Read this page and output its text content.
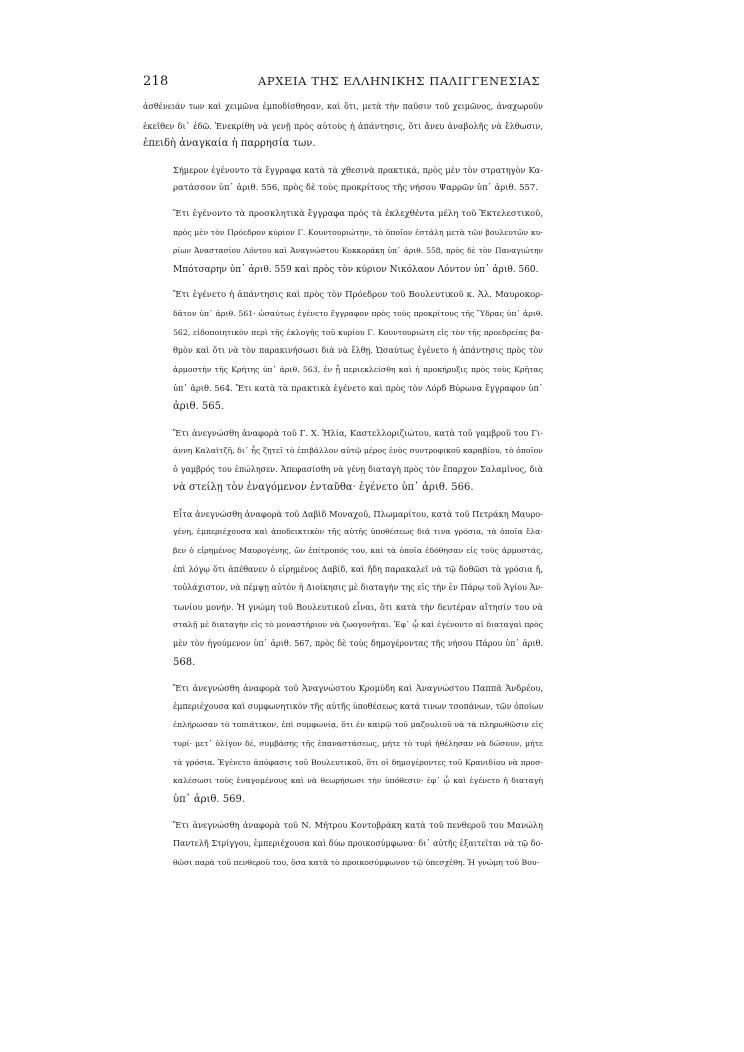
218	ΑΡΧΕΙΑ ΤΗΣ ΕΛΛΗΝΙΚΗΣ ΠΑΛΙΓΓΕΝΕΣΙΑΣ

ἀσθένειάν των καὶ χειμῶνα ἐμποδίσθησαν, καὶ ὅτι, μετὰ τὴν παῦσιν τοῦ χειμῶνος, ἀναχωροῦν
ἐκεῖθεν δι᾽ ἐδῶ. Ἐνεκρίθη νὰ γενῇ πρὸς αὐτοὺς ἡ ἀπάντησις, ὅτι ἄνευ ἀναβολῆς νὰ ἔλθωσιν,
ἐπειδὴ ἀναγκαία ἡ παρρησία των.

Σήμερον ἐγένοντο τὰ ἔγγραφα κατὰ τὰ χθεσινὰ πρακτικά, πρὸς μὲν τὸν στρατηγὸν Κα-
ρατάσσον ὑπ᾽ ἀριθ. 556, πρὸς δὲ τοὺς προκρίτους τῆς νήσου Ψαρρῶν ὑπ᾽ ἀριθ. 557.

Ἔτι ἐγένοντο τὰ προσκλητικὰ ἔγγραφα πρὸς τὰ ἐκλεχθέντα μέλη τοῦ Ἐκτελεστικοῦ,
πρὸς μὲν τὸν Πρόεδρον κύριον Γ. Κουντουριώτην, τὸ ὁποῖον ἐστάλη μετὰ τῶν βουλευτῶν κυ-
ρίων Ἀναστασίου Λόντου καὶ Ἀναγνώστου Κοκκοράκη ὑπ᾽ ἀριθ. 558, πρὸς δὲ τὸν Παναγιώτην
Μπότσαρην ὑπ᾽ ἀριθ. 559 καὶ πρὸς τὸν κύριον Νικόλαον Λόντον ὑπ᾽ ἀριθ. 560.

Ἔτι ἐγένετο ἡ ἀπάντησις καὶ πρὸς τὸν Πρόεδρον τοῦ Βουλευτικοῦ κ. Ἀλ. Μαυροκορ-
δᾶτον ὑπ᾽ ἀριθ. 561· ὡσαύτως ἐγένετο ἔγγραφον πρὸς τοὺς προκρίτους τῆς Ὕδρας ὑπ᾽ ἀριθ.
562, εἰδοποιητικὸν περὶ τῆς ἐκλογῆς τοῦ κυρίου Γ. Κουντουριώτη εἰς τὸν τῆς προεδρείας βα-
θμὸν καὶ ὅτι νὰ τὸν παρακινήσωσι διὰ νὰ ἔλθῃ. Ὡσαύτως ἐγένετο ἡ ἀπάντησις πρὸς τὸν
ἁρμοστὴν τῆς Κρήτης ὑπ᾽ ἀριθ. 563, ἐν ᾗ περιεκλείσθη καὶ ἡ προκήρυξις πρὸς τοὺς Κρῆτας
ὑπ᾽ ἀριθ. 564. Ἔτι κατὰ τὰ πρακτικὰ ἐγένετο καὶ πρὸς τὸν Λόρδ Βύρωνα ἔγγραφον ὑπ᾽
ἀριθ. 565.

Ἔτι ἀνεγνώσθη ἀναφορὰ τοῦ Γ. Χ. Ἠλία, Καστελλοριζιώτου, κατὰ τοῦ γαμβροῦ του Γι-
άννη Καλαϊτζῆ, δι᾽ ἧς ζητεῖ τὸ ἐπιβάλλον αὐτῷ μέρος ἑνὸς συντροφικοῦ καραβίου, τὸ ὁποῖον
ὁ γαμβρός του ἐπώλησεν. Ἀπεφασίσθη νὰ γένῃ διαταγὴ πρὸς τὸν ἔπαρχον Σαλαμῖνος, διὰ
νὰ στείλῃ τὸν ἐναγόμενον ἐνταῦθα· ἐγένετο ὑπ᾽ ἀριθ. 566.

Εἶτα ἀνεγνώσθη ἀναφορὰ τοῦ Δαβὶδ Μοναχοῦ, Πλωμαρίτου, κατὰ τοῦ Πετράκη Μαυρο-
γένη, ἐμπεριέχουσα καὶ ἀποδεικτικὸν τῆς αὐτῆς ὑποθέσεως διά τινα γρόσια, τὰ ὁποῖα ἔλα-
βεν ὁ εἰρημένος Μαυρογένης, ὢν ἐπίτροπός του, καὶ τὰ ὁποῖα ἐδόθησαν εἰς τοὺς ἁρμοστάς,
ἐπὶ λόγῳ ὅτι ἀπέθανεν ὁ εἰρημένος Δαβίδ, καὶ ἤδη παρακαλεῖ νὰ τῷ δοθῶσι τὰ γρόσια ἤ,
τοὐλάχιστον, νὰ πέμψῃ αὐτὸν ἡ Διοίκησις μὲ διαταγήν της εἰς τὴν ἐν Πάρῳ τοῦ Ἁγίου Ἀν-
τωνίου μονήν. Ἡ γνώμη τοῦ Βουλευτικοῦ εἶναι, ὅτι κατὰ τὴν δευτέραν αἴτησίν του νὰ
σταλῇ μὲ διαταγὴν εἰς τὸ μοναστήριον νὰ ζωογονῆται. Ἐφ᾽ ᾧ καὶ ἐγένοντο αἱ διαταγαὶ πρὸς
μὲν τὸν ἡγούμενον ὑπ᾽ ἀριθ. 567, πρὸς δὲ τοὺς δημογέροντας τῆς νήσου Πάρου ὑπ᾽ ἀριθ.
568.

Ἔτι ἀνεγνώσθη ἀναφορὰ τοῦ Ἀναγνώστου Κρομύδη καὶ Ἀναγνώστου Παππᾶ Ἀνδρέου,
ἐμπεριέχουσα καὶ συμφωνητικὸν τῆς αὐτῆς ὑποθέσεως κατά τινων τσοπάνων, τῶν ὁποίων
ἐπλήρωσαν τὸ τοπιάτικον, ἐπὶ συμφωνίᾳ, ὅτι ἐν καιρῷ τοῦ μαζουλιοῦ νὰ τὰ πληρωθῶσιν εἰς
τυρί· μετ᾽ ὀλίγον δέ, συμβάσης τῆς ἐπαναστάσεως, μήτε τὸ τυρὶ ἠθέλησαν νὰ δώσουν, μήτε
τὰ γρόσια. Ἐγένετο ἀπόφασις τοῦ Βουλευτικοῦ, ὅτι οἱ δημογέροντες τοῦ Κρανιδίου νὰ προσ-
καλέσωσι τοὺς ἐναγομένους καὶ νὰ θεωρήσωσι τὴν ὑπόθεσιν· ἐφ᾽ ᾧ καὶ ἐγένετο ἡ διαταγὴ
ὑπ᾽ ἀριθ. 569.

Ἔτι ἀνεγνώσθη ἀναφορὰ τοῦ Ν. Μήτρου Κοντοβράκη κατὰ τοῦ πενθεροῦ του Μανώλη
Παντελῆ Στρίγγου, ἐμπεριέχουσα καὶ δύω προικοσύμφωνα· δι᾽ αὐτῆς ἐξαιτεῖται νὰ τῷ δο-
θῶσι παρὰ τοῦ πενθεροῦ του, ὅσα κατὰ τὸ προικοσύμφωνον τῷ ὑπεσχέθη. Ἡ γνώμη τοῦ Βου-
